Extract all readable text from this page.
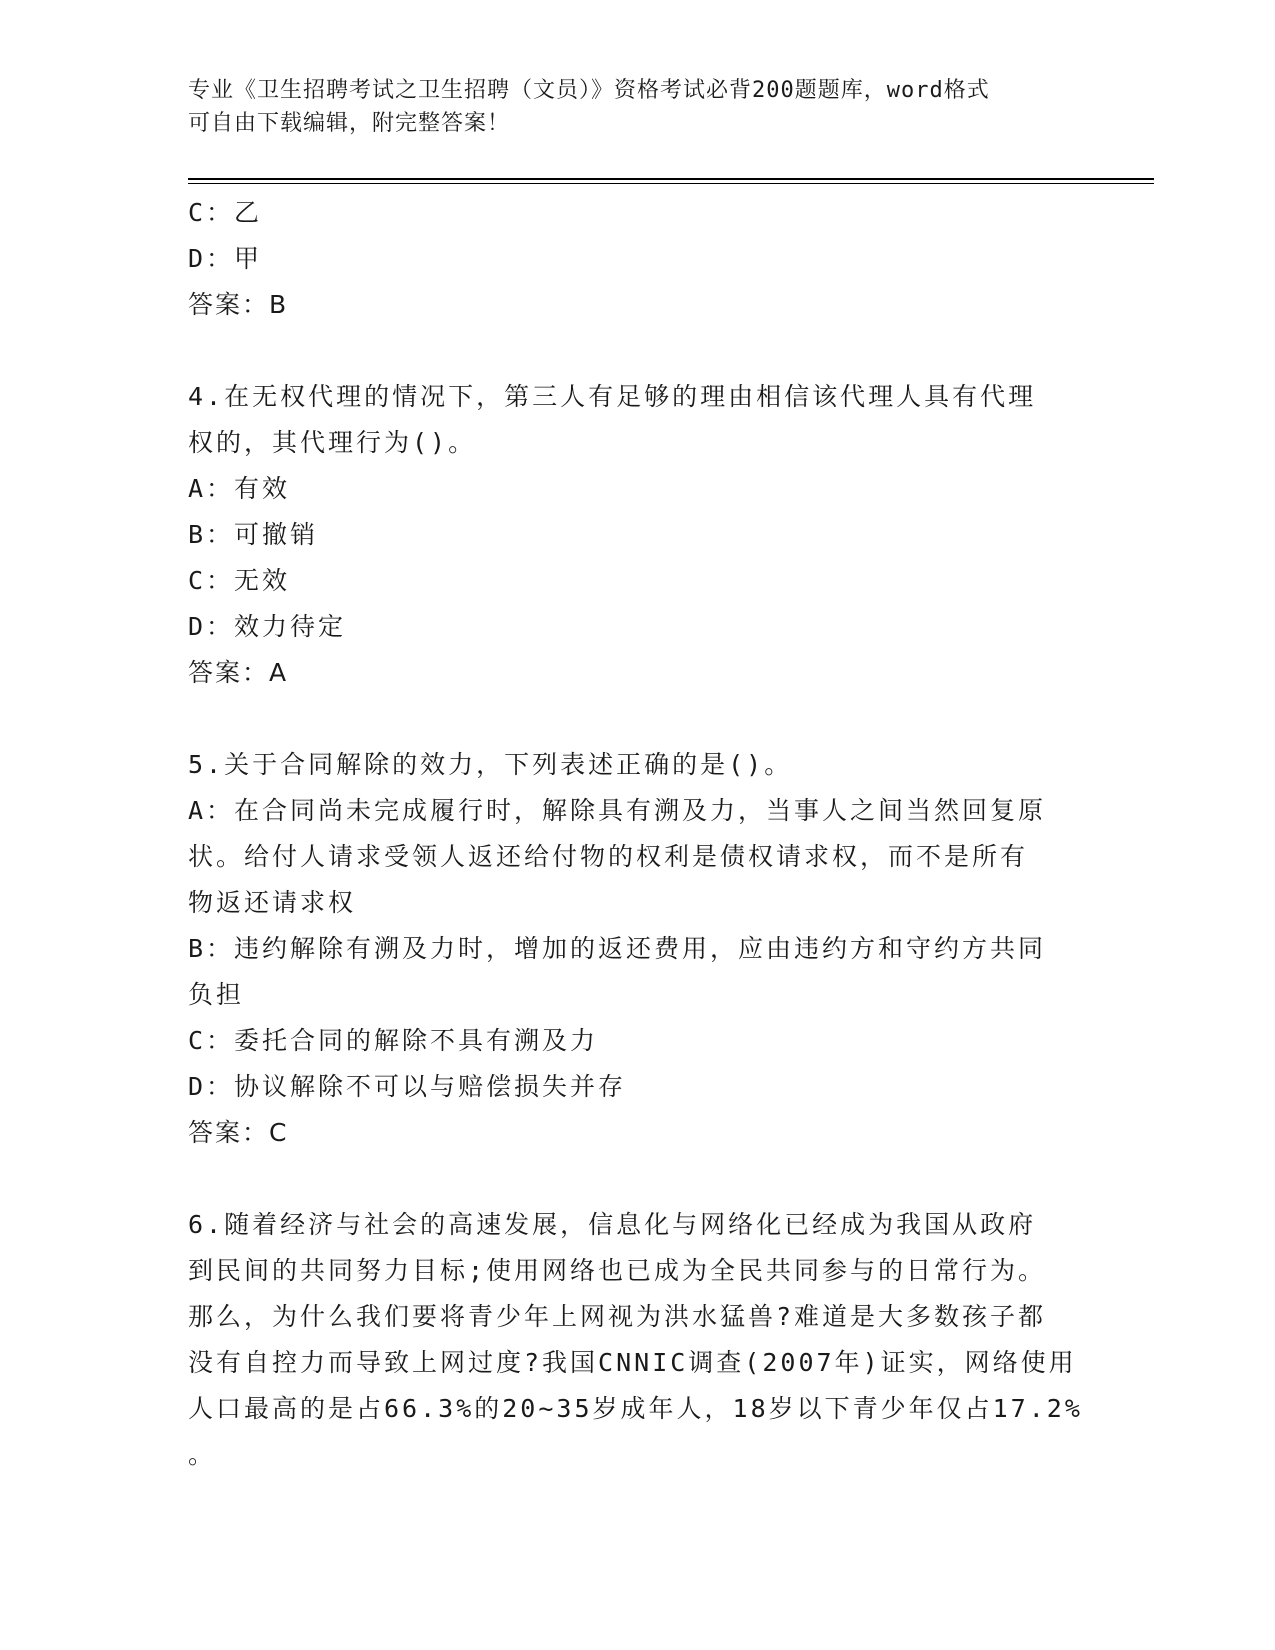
专业《卫生招聘考试之卫生招聘（文员）》资格考试必背200题题库，word格式
可自由下载编辑，附完整答案！
C：乙
D：甲
答案：B
4.在无权代理的情况下，第三人有足够的理由相信该代理人具有代理
权的，其代理行为()。
A：有效
B：可撤销
C：无效
D：效力待定
答案：A
5.关于合同解除的效力，下列表述正确的是()。
A：在合同尚未完成履行时，解除具有溯及力，当事人之间当然回复原
状。给付人请求受领人返还给付物的权利是债权请求权，而不是所有
物返还请求权
B：违约解除有溯及力时，增加的返还费用，应由违约方和守约方共同
负担
C：委托合同的解除不具有溯及力
D：协议解除不可以与赔偿损失并存
答案：C
6.随着经济与社会的高速发展，信息化与网络化已经成为我国从政府
到民间的共同努力目标;使用网络也已成为全民共同参与的日常行为。
那么，为什么我们要将青少年上网视为洪水猛兽?难道是大多数孩子都
没有自控力而导致上网过度?我国CNNIC调查(2007年)证实，网络使用
人口最高的是占66.3%的20~35岁成年人，18岁以下青少年仅占17.2%
。
